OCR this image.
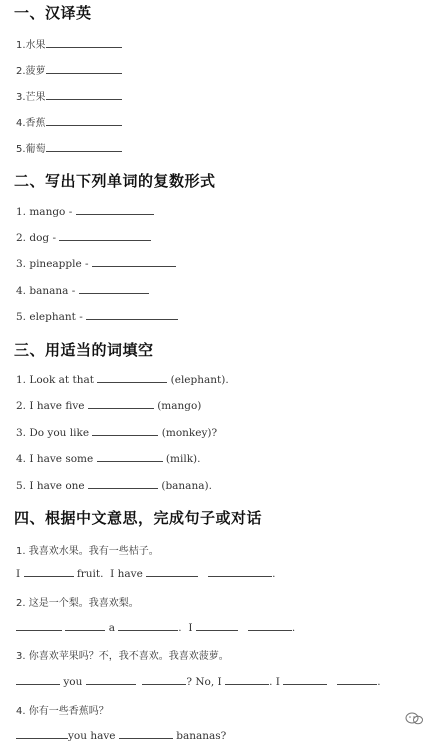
一、汉译英
1.水果
2.菠萝
3.芒果
4.香蕉
5.葡萄
二、写出下列单词的复数形式
1. mango -
2. dog -
3. pineapple -
4. banana -
5. elephant -
三、用适当的词填空
1. Look at that	(elephant).
2. I have five	(mango)
3. Do you like	(monkey)?
4. I have some	(milk).
5. I have one	(banana).
四、根据中文意思，完成句子或对话
1. 我喜欢水果。我有一些桔子。
I	fruit. I have	.
2. 这是一个梨。我喜欢梨。
a	. I	.
3. 你喜欢苹果吗？不，我不喜欢。我喜欢菠萝。
you	? No, I	. I	.
4. 你有一些香蕉吗？
you have	bananas?
